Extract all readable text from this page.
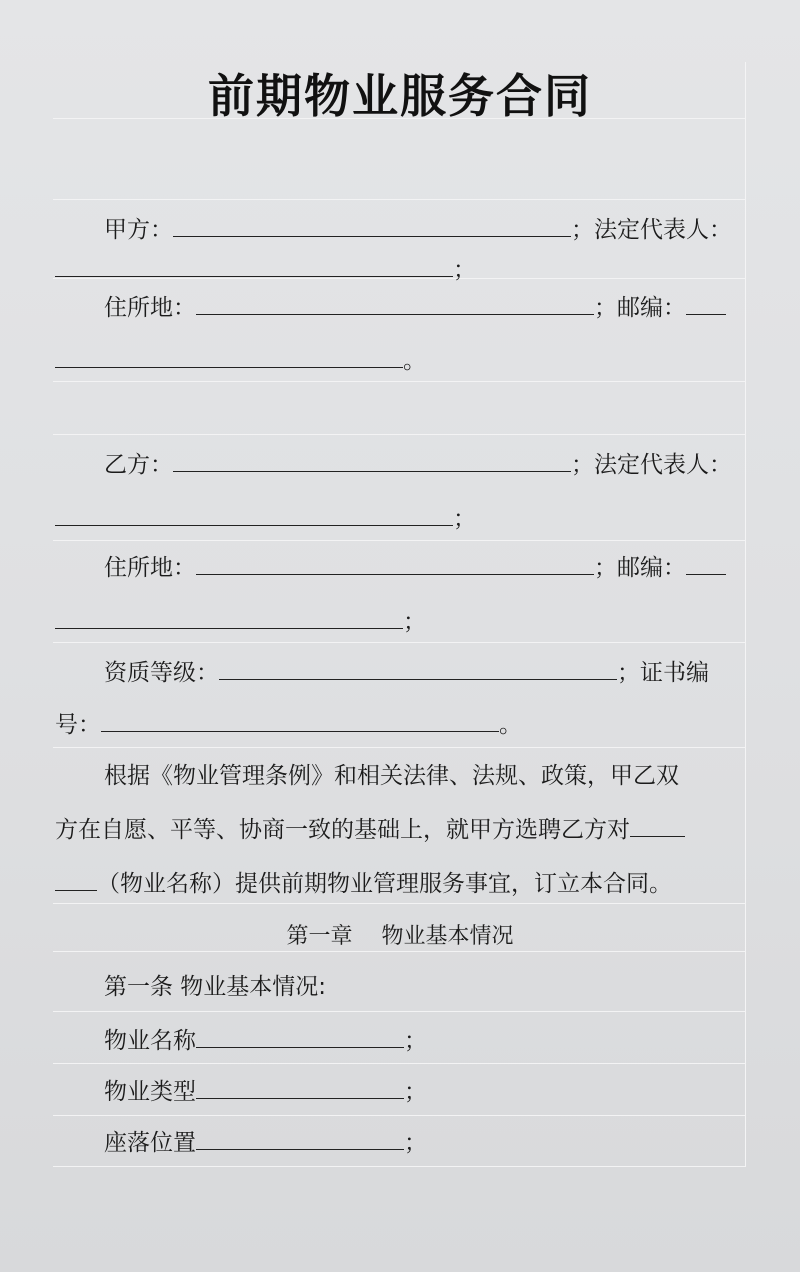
前期物业服务合同
甲方：	；法定代表人：
；
住所地：	；邮编：
。
乙方：	；法定代表人：
；
住所地：	；邮编：
；
资质等级：	；证书编
号：	。
根据《物业管理条例》和相关法律、法规、政策，甲乙双
方在自愿、平等、协商一致的基础上，就甲方选聘乙方对
（物业名称）提供前期物业管理服务事宜，订立本合同。
第一章　 物业基本情况
第一条 物业基本情况:
物业名称	；
物业类型	；
座落位置	；
